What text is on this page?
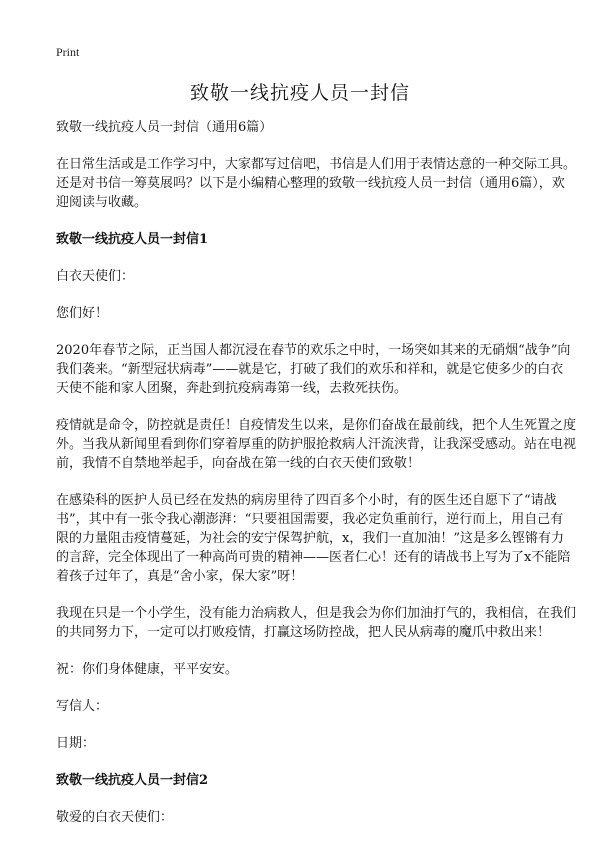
Print
致敬一线抗疫人员一封信

致敬一线抗疫人员一封信（通用6篇）

在日常生活或是工作学习中，大家都写过信吧，书信是人们用于表情达意的一种交际工具。还是对书信一筹莫展吗？以下是小编精心整理的致敬一线抗疫人员一封信（通用6篇），欢迎阅读与收藏。

致敬一线抗疫人员一封信1

白衣天使们：

您们好！

2020年春节之际，正当国人都沉浸在春节的欢乐之中时，一场突如其来的无硝烟“战争”向我们袭来。“新型冠状病毒”——就是它，打破了我们的欢乐和祥和，就是它使多少的白衣天使不能和家人团聚，奔赴到抗疫病毒第一线，去救死扶伤。

疫情就是命令，防控就是责任！自疫情发生以来，是你们奋战在最前线，把个人生死置之度外。当我从新闻里看到你们穿着厚重的防护服抢救病人汗流浃背，让我深受感动。站在电视前，我情不自禁地举起手，向奋战在第一线的白衣天使们致敬！

在感染科的医护人员已经在发热的病房里待了四百多个小时，有的医生还自愿下了“请战书”，其中有一张令我心潮澎湃：“只要祖国需要，我必定负重前行，逆行而上，用自己有限的力量阻击疫情蔓延，为社会的安宁保驾护航，x，我们一直加油！”这是多么铿锵有力的言辞，完全体现出了一种高尚可贵的精神——医者仁心！还有的请战书上写为了x不能陪着孩子过年了，真是“舍小家，保大家”呀！

我现在只是一个小学生，没有能力治病救人，但是我会为你们加油打气的，我相信，在我们的共同努力下，一定可以打败疫情，打赢这场防控战，把人民从病毒的魔爪中救出来！

祝：你们身体健康，平平安安。

写信人：

日期：

致敬一线抗疫人员一封信2

敬爱的白衣天使们：
